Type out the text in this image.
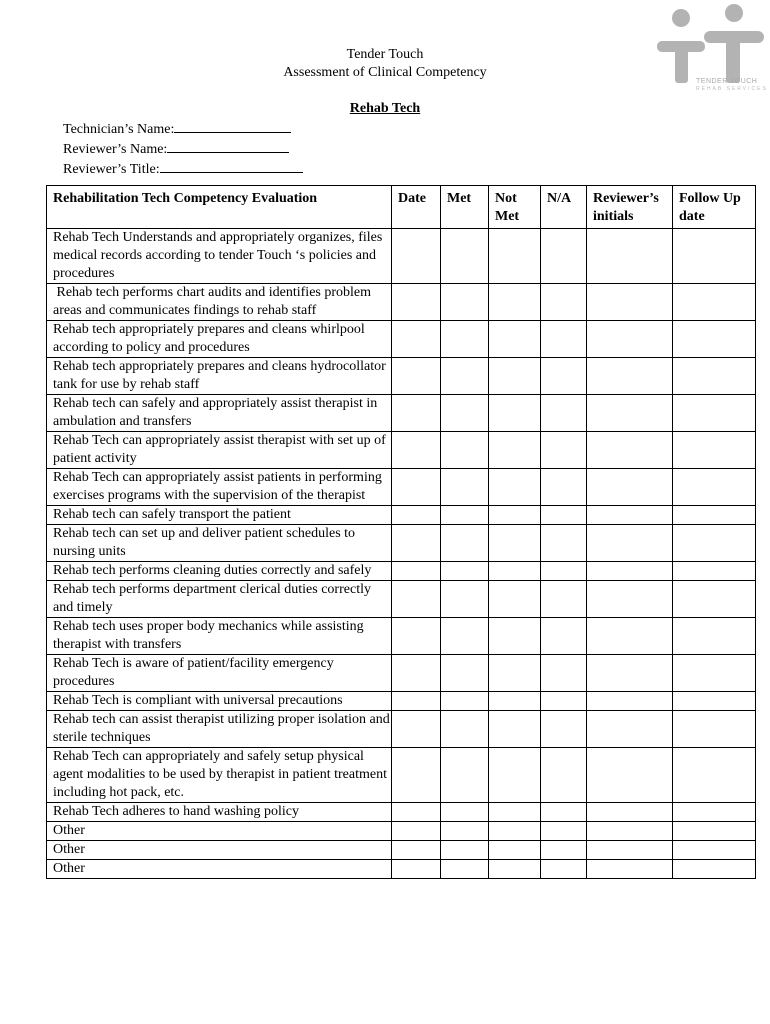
Tender Touch
Assessment of Clinical Competency
Rehab Tech
TENDER TOUCH
REHAB SERVICES
Technician’s Name:
Reviewer’s Name:
Reviewer’s Title:
Rehabilitation Tech Competency Evaluation	Date	Met	Not Met	N/A	Reviewer’s initials	Follow Up date
Rehab Tech Understands and appropriately organizes, files medical records according to tender Touch ‘s policies and procedures						
Rehab tech performs chart audits and identifies problem areas and communicates findings to rehab staff						
Rehab tech appropriately prepares and cleans whirlpool according to policy and procedures						
Rehab tech appropriately prepares and cleans hydrocollator tank for use by rehab staff						
Rehab tech can safely and appropriately assist therapist in ambulation and transfers						
Rehab Tech can appropriately assist therapist with set up of patient activity						
Rehab Tech can appropriately assist patients in performing exercises programs with the supervision of the therapist						
Rehab tech can safely transport the patient						
Rehab tech can set up and deliver patient schedules to nursing units						
Rehab tech performs cleaning duties correctly and safely						
Rehab tech performs department clerical duties correctly and timely						
Rehab tech uses proper body mechanics while assisting therapist with transfers						
Rehab Tech is aware of patient/facility emergency procedures						
Rehab Tech is compliant with universal precautions						
Rehab tech can assist therapist utilizing proper isolation and sterile techniques						
Rehab Tech can appropriately and safely setup physical agent modalities to be used by therapist in patient treatment including hot pack, etc.						
Rehab Tech adheres to hand washing policy						
Other						
Other						
Other						
